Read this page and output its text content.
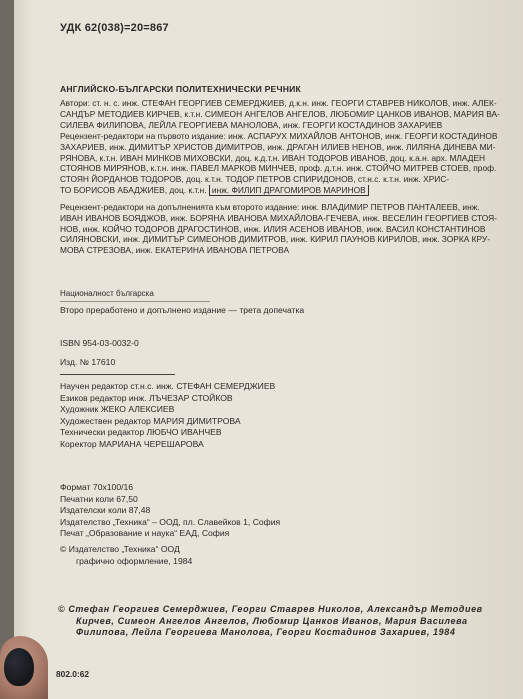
УДК 62(038)=20=867
АНГЛИЙСКО-БЪЛГАРСКИ ПОЛИТЕХНИЧЕСКИ РЕЧНИК
Автори: ст. н. с. инж. СТЕФАН ГЕОРГИЕВ СЕМЕРДЖИЕВ, д.к.н. инж. ГЕОРГИ СТАВРЕВ НИКОЛОВ, инж. АЛЕК-
САНДЪР МЕТОДИЕВ КИРЧЕВ, к.т.н. СИМЕОН АНГЕЛОВ АНГЕЛОВ, ЛЮБОМИР ЦАНКОВ ИВАНОВ, МАРИЯ ВА-
СИЛЕВА ФИЛИПОВА, ЛЕЙЛА ГЕОРГИЕВА МАНОЛОВА, инж. ГЕОРГИ КОСТАДИНОВ ЗАХАРИЕВ
Рецензент-редактори на първото издание: инж. АСПАРУХ МИХАЙЛОВ АНТОНОВ, инж. ГЕОРГИ КОСТАДИНОВ
ЗАХАРИЕВ, инж. ДИМИТЪР ХРИСТОВ ДИМИТРОВ, инж. ДРАГАН ИЛИЕВ НЕНОВ, инж. ЛИЛЯНА ДИНЕВА МИ-
РЯНОВА, к.т.н. ИВАН МИНКОВ МИХОВСКИ, доц. к.д.т.н. ИВАН ТОДОРОВ ИВАНОВ, доц. к.а.н. арх. МЛАДЕН
СТОЯНОВ МИРЯНОВ, к.т.н. инж. ПАВЕЛ МАРКОВ МИНЧЕВ, проф. д.т.н. инж. СТОЙЧО МИТРЕВ СТОЕВ, проф.
СТОЯН ЙОРДАНОВ ТОДОРОВ, доц. к.т.н. ТОДОР ПЕТРОВ СПИРИДОНОВ, ст.н.с. к.т.н. инж. ХРИС-
ТО БОРИСОВ АБАДЖИЕВ, доц. к.т.н. инж. ФИЛИП ДРАГОМИРОВ МАРИНОВ
Рецензент-редактори на допълненията към второто издание: инж. ВЛАДИМИР ПЕТРОВ ПАНТАЛЕЕВ, инж.
ИВАН ИВАНОВ БОЯДЖОВ, инж. БОРЯНА ИВАНОВА МИХАЙЛОВА-ГЕЧЕВА, инж. ВЕСЕЛИН ГЕОРГИЕВ СТОЯ-
НОВ, инж. КОЙЧО ТОДОРОВ ДРАГОСТИНОВ, инж. ИЛИЯ АСЕНОВ ИВАНОВ, инж. ВАСИЛ КОНСТАНТИНОВ
СИЛЯНОВСКИ, инж. ДИМИТЪР СИМЕОНОВ ДИМИТРОВ, инж. КИРИЛ ПАУНОВ КИРИЛОВ, инж. ЗОРКА КРУ-
МОВА СТРЕЗОВА, инж. ЕКАТЕРИНА ИВАНОВА ПЕТРОВА
Националност българска
Второ преработено и допълнено издание — трета допечатка
ISBN 954-03-0032-0
Изд. № 17610
Научен редактор ст.н.с. инж. СТЕФАН СЕМЕРДЖИЕВ
Езиков редактор инж. ЛЪЧЕЗАР СТОЙКОВ
Художник ЖЕКО АЛЕКСИЕВ
Художествен редактор МАРИЯ ДИМИТРОВА
Технически редактор ЛЮБЧО ИВАНЧЕВ
Коректор МАРИАНА ЧЕРЕШАРОВА
Формат 70x100/16
Печатни коли 67,50
Издателски коли 87,48
Издателство „Техника“ – ООД, пл. Славейков 1, София
Печат „Образование и наука“ ЕАД, София
© Издателство „Техника“ ООД
графично оформление, 1984
© Стефан Георгиев Семерджиев, Георги Ставрев Николов, Александър Методиев
Кирчев, Симеон Ангелов Ангелов, Любомир Цанков Иванов, Мария Василева
Филипова, Лейла Георгиева Манолова, Георги Костадинов Захариев, 1984
802.0:62
